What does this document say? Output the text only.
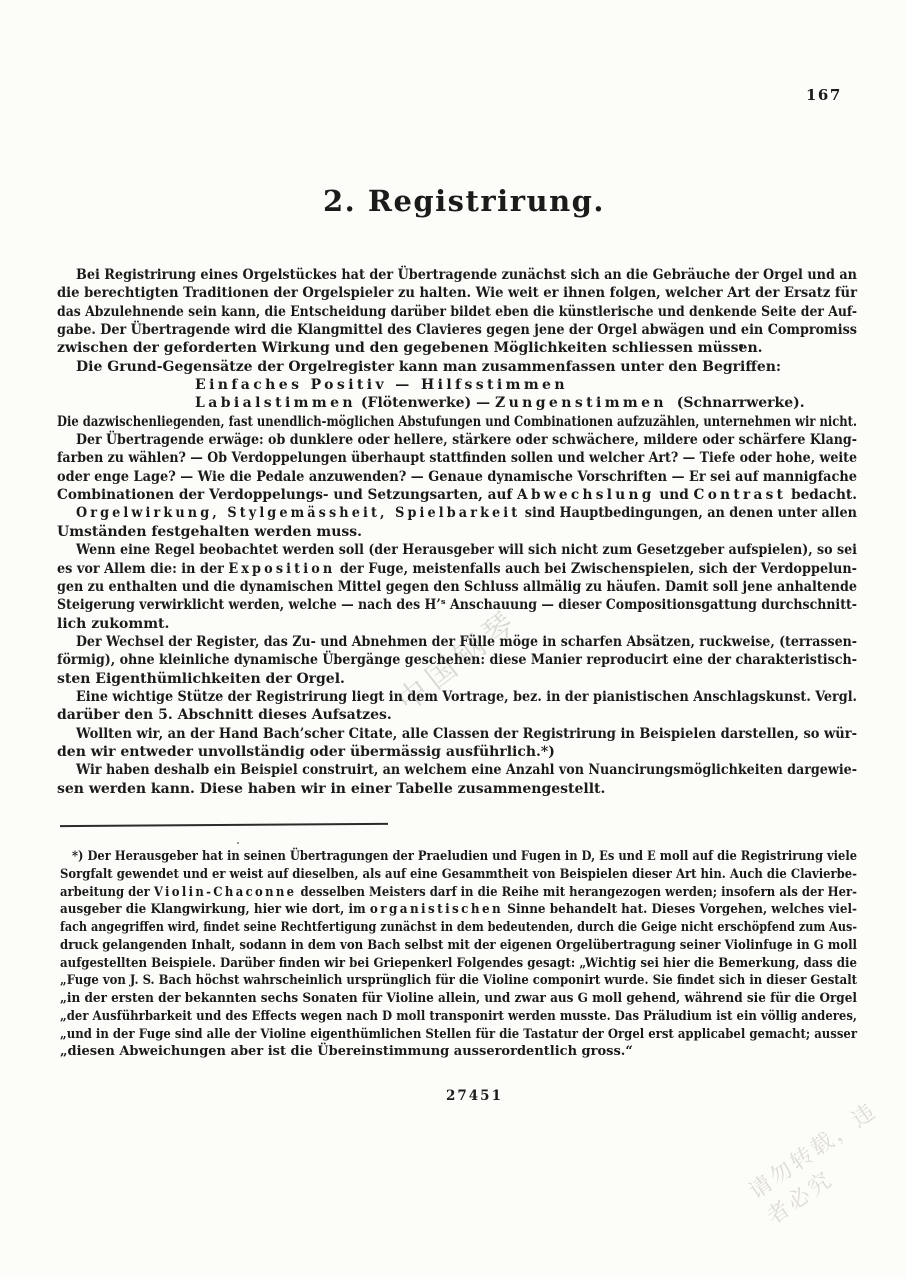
中国钢琴
请勿转载，违者必究
167
2. Registrirung.
Bei Registrirung eines Orgelstückes hat der Übertragende zunächst sich an die Gebräuche der Orgel und an
die berechtigten Traditionen der Orgelspieler zu halten. Wie weit er ihnen folgen, welcher Art der Ersatz für
das Abzulehnende sein kann, die Entscheidung darüber bildet eben die künstlerische und denkende Seite der Auf-
gabe. Der Übertragende wird die Klangmittel des Clavieres gegen jene der Orgel abwägen und ein Compromiss
zwischen der geforderten Wirkung und den gegebenen Möglichkeiten schliessen müssen.
Die Grund-Gegensätze der Orgelregister kann man zusammenfassen unter den Begriffen:
Einfaches Positiv — Hilfsstimmen
Labialstimmen (Flötenwerke) — Zungenstimmen  (Schnarrwerke).
Die dazwischenliegenden, fast unendlich-möglichen Abstufungen und Combinationen aufzuzählen, unternehmen wir nicht.
Der Übertragende erwäge: ob dunklere oder hellere, stärkere oder schwächere, mildere oder schärfere Klang-
farben zu wählen? — Ob Verdoppelungen überhaupt stattfinden sollen und welcher Art? — Tiefe oder hohe, weite
oder enge Lage? — Wie die Pedale anzuwenden? — Genaue dynamische Vorschriften — Er sei auf mannigfache
Combinationen der Verdoppelungs- und Setzungsarten, auf Abwechslung und Contrast bedacht.
Orgelwirkung, Stylgemässheit, Spielbarkeit sind Hauptbedingungen, an denen unter allen
Umständen festgehalten werden muss.
Wenn eine Regel beobachtet werden soll (der Herausgeber will sich nicht zum Gesetzgeber aufspielen), so sei
es vor Allem die: in der Exposition der Fuge, meistenfalls auch bei Zwischenspielen, sich der Verdoppelun-
gen zu enthalten und die dynamischen Mittel gegen den Schluss allmälig zu häufen. Damit soll jene anhaltende
Steigerung verwirklicht werden, welche — nach des H’ˢ Anschauung — dieser Compositionsgattung durchschnitt-
lich zukommt.
Der Wechsel der Register, das Zu- und Abnehmen der Fülle möge in scharfen Absätzen, ruckweise, (terrassen-
förmig), ohne kleinliche dynamische Übergänge geschehen: diese Manier reproducirt eine der charakteristisch-
sten Eigenthümlichkeiten der Orgel.
Eine wichtige Stütze der Registrirung liegt in dem Vortrage, bez. in der pianistischen Anschlagskunst. Vergl.
darüber den 5. Abschnitt dieses Aufsatzes.
Wollten wir, an der Hand Bach’scher Citate, alle Classen der Registrirung in Beispielen darstellen, so wür-
den wir entweder unvollständig oder übermässig ausführlich.*)
Wir haben deshalb ein Beispiel construirt, an welchem eine Anzahl von Nuancirungsmöglichkeiten dargewie-
sen werden kann. Diese haben wir in einer Tabelle zusammengestellt.
*) Der Herausgeber hat in seinen Übertragungen der Praeludien und Fugen in D, Es und E moll auf die Registrirung viele
Sorgfalt gewendet und er weist auf dieselben, als auf eine Gesammtheit von Beispielen dieser Art hin. Auch die Clavierbe-
arbeitung der Violin-Chaconne desselben Meisters darf in die Reihe mit herangezogen werden; insofern als der Her-
ausgeber die Klangwirkung, hier wie dort, im organistischen Sinne behandelt hat. Dieses Vorgehen, welches viel-
fach angegriffen wird, findet seine Rechtfertigung zunächst in dem bedeutenden, durch die Geige nicht erschöpfend zum Aus-
druck gelangenden Inhalt, sodann in dem von Bach selbst mit der eigenen Orgelübertragung seiner Violinfuge in G moll
aufgestellten Beispiele. Darüber finden wir bei Griepenkerl Folgendes gesagt: „Wichtig sei hier die Bemerkung, dass die
„Fuge von J. S. Bach höchst wahrscheinlich ursprünglich für die Violine componirt wurde. Sie findet sich in dieser Gestalt
„in der ersten der bekannten sechs Sonaten für Violine allein, und zwar aus G moll gehend, während sie für die Orgel
„der Ausführbarkeit und des Effects wegen nach D moll transponirt werden musste. Das Präludium ist ein völlig anderes,
„und in der Fuge sind alle der Violine eigenthümlichen Stellen für die Tastatur der Orgel erst applicabel gemacht; ausser
„diesen Abweichungen aber ist die Übereinstimmung ausserordentlich gross.“
27451
